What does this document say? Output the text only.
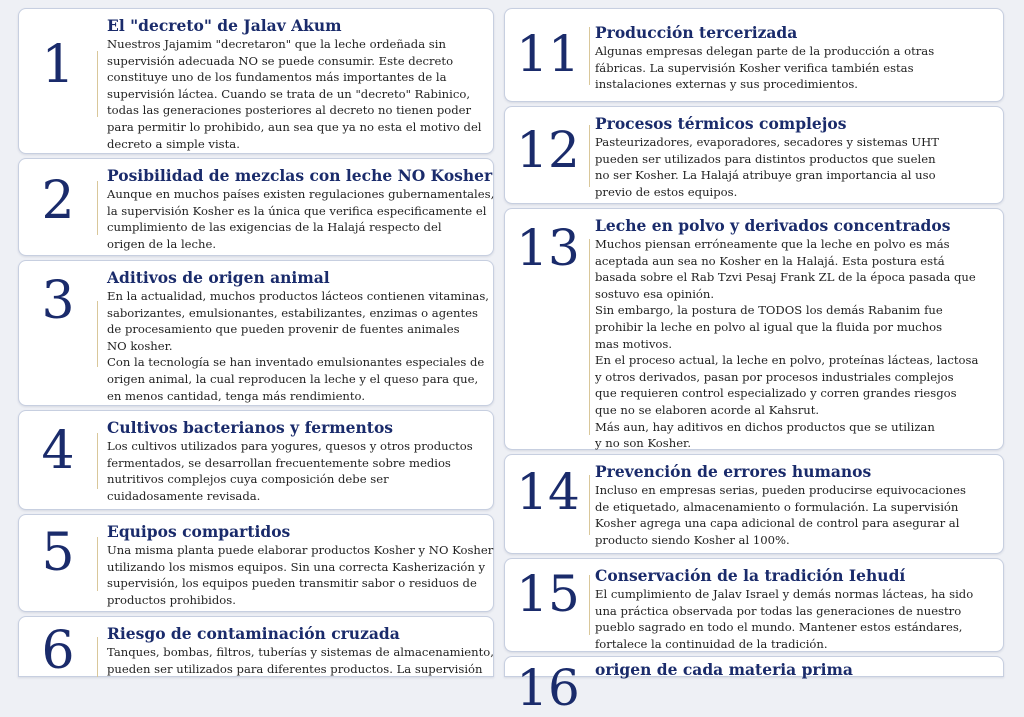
1
El "decreto" de Jalav Akum
Nuestros Jajamim "decretaron" que la leche ordeñada sin
supervisión adecuada NO se puede consumir. Este decreto
constituye uno de los fundamentos más importantes de la
supervisión láctea. Cuando se trata de un "decreto" Rabinico,
todas las generaciones posteriores al decreto no tienen poder
para permitir lo prohibido, aun sea que ya no esta el motivo del
decreto a simple vista.
2	Posibilidad de mezclas con leche NO Kosher
Aunque en muchos países existen regulaciones gubernamentales,
la supervisión Kosher es la única que verifica especificamente el
cumplimiento de las exigencias de la Halajá respecto del
origen de la leche.
3	Aditivos de origen animal
En la actualidad, muchos productos lácteos contienen vitaminas,
saborizantes, emulsionantes, estabilizantes, enzimas o agentes
de procesamiento que pueden provenir de fuentes animales
NO kosher.
Con la tecnología se han inventado emulsionantes especiales de
origen animal, la cual reproducen la leche y el queso para que,
en menos cantidad, tenga más rendimiento.
4	Cultivos bacterianos y fermentos
Los cultivos utilizados para yogures, quesos y otros productos
fermentados, se desarrollan frecuentemente sobre medios
nutritivos complejos cuya composición debe ser
cuidadosamente revisada.
5	Equipos compartidos
Una misma planta puede elaborar productos Kosher y NO Kosher
utilizando los mismos equipos. Sin una correcta Kasherización y
supervisión, los equipos pueden transmitir sabor o residuos de
productos prohibidos.
6	Riesgo de contaminación cruzada
Tanques, bombas, filtros, tuberías y sistemas de almacenamiento,
pueden ser utilizados para diferentes productos. La supervisión
11 Producción tercerizada
Algunas empresas delegan parte de la producción a otras
fábricas. La supervisión Kosher verifica también estas
instalaciones externas y sus procedimientos.
12 Procesos térmicos complejos
Pasteurizadores, evaporadores, secadores y sistemas UHT
pueden ser utilizados para distintos productos que suelen
no ser Kosher. La Halajá atribuye gran importancia al uso
previo de estos equipos.
13 Leche en polvo y derivados concentrados
Muchos piensan erróneamente que la leche en polvo es más
aceptada aun sea no Kosher en la Halajá. Esta postura está
basada sobre el Rab Tzvi Pesaj Frank ZL de la época pasada que
sostuvo esa opinión.
Sin embargo, la postura de TODOS los demás Rabanim fue
prohibir la leche en polvo al igual que la fluida por muchos
mas motivos.
En el proceso actual, la leche en polvo, proteínas lácteas, lactosa
y otros derivados, pasan por procesos industriales complejos
que requieren control especializado y corren grandes riesgos
que no se elaboren acorde al Kahsrut.
Más aun, hay aditivos en dichos productos que se utilizan
y no son Kosher.
14 Prevención de errores humanos
Incluso en empresas serias, pueden producirse equivocaciones
de etiquetado, almacenamiento o formulación. La supervisión
Kosher agrega una capa adicional de control para asegurar al
producto siendo Kosher al 100%.
15 Conservación de la tradición Iehudí
El cumplimiento de Jalav Israel y demás normas lácteas, ha sido
una práctica observada por todas las generaciones de nuestro
pueblo sagrado en todo el mundo. Mantener estos estándares,
fortalece la continuidad de la tradición.
16 origen de cada materia prima
